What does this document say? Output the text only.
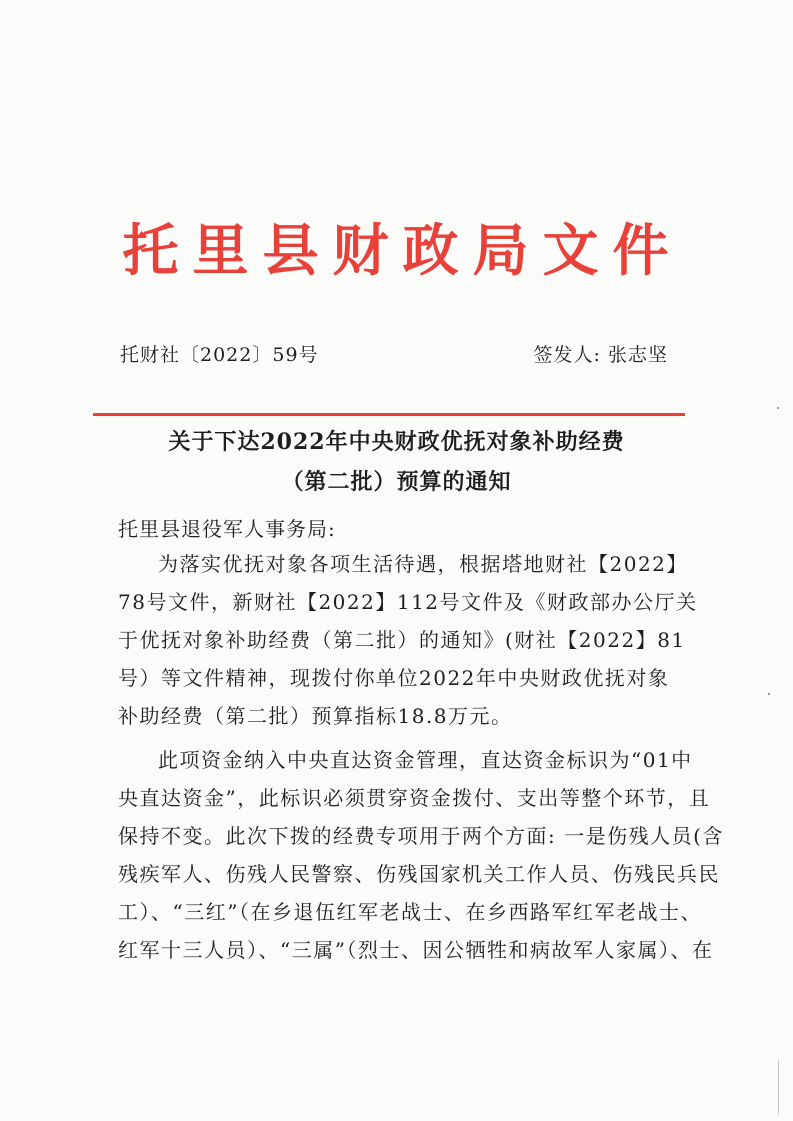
托里县财政局文件
托财社〔2022〕59号	签发人: 张志坚
关于下达2022年中央财政优抚对象补助经费
（第二批）预算的通知
托里县退役军人事务局:

为落实优抚对象各项生活待遇，根据塔地财社【2022】
78号文件，新财社【2022】112号文件及《财政部办公厅关
于优抚对象补助经费（第二批）的通知》(财社【2022】81
号）等文件精神，现拨付你单位2022年中央财政优抚对象
补助经费（第二批）预算指标18.8万元。

此项资金纳入中央直达资金管理，直达资金标识为“01中
央直达资金”，此标识必须贯穿资金拨付、支出等整个环节，且
保持不变。此次下拨的经费专项用于两个方面: 一是伤残人员(含
残疾军人、伤残人民警察、伤残国家机关工作人员、伤残民兵民
工）、“三红”（在乡退伍红军老战士、在乡西路军红军老战士、
红军十三人员）、“三属”（烈士、因公牺牲和病故军人家属）、在
